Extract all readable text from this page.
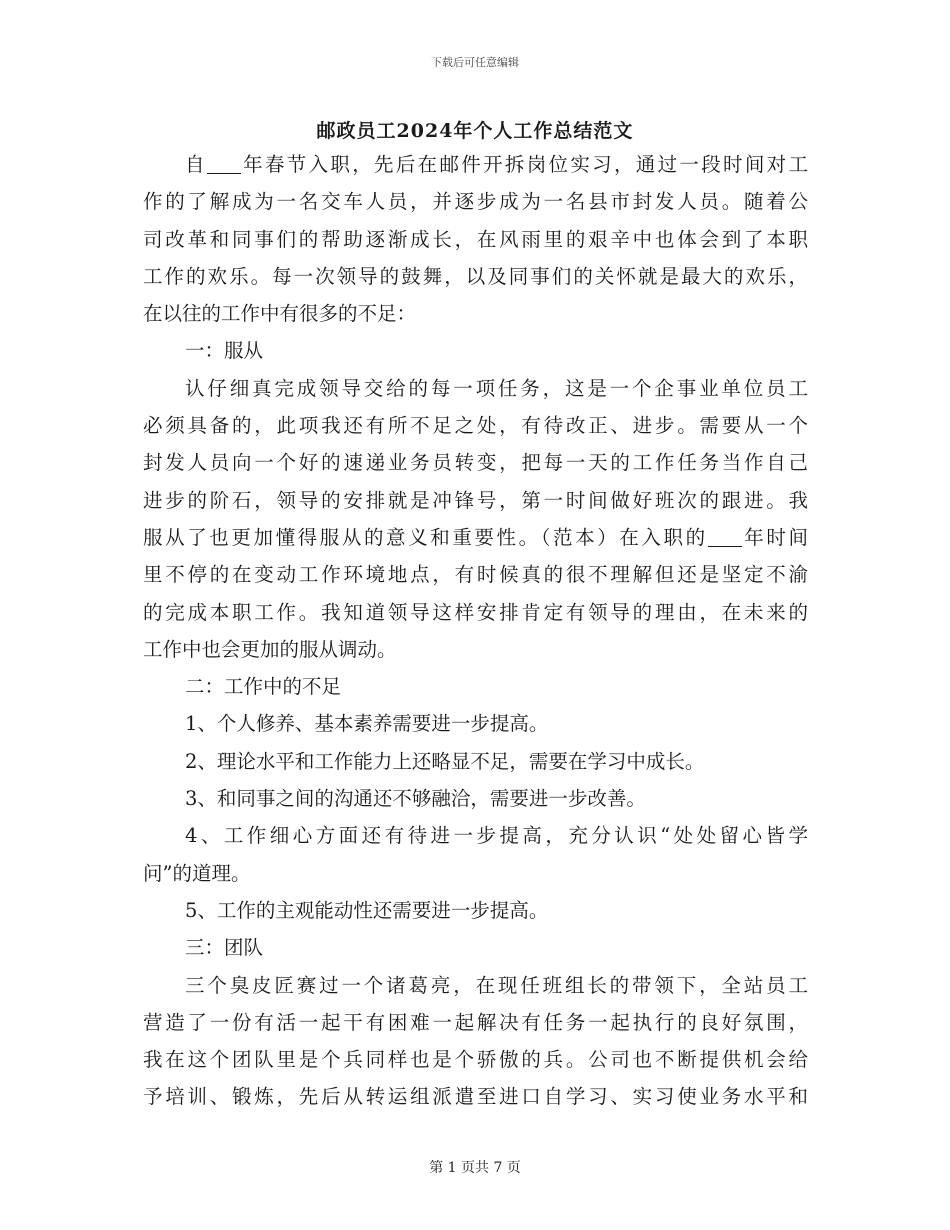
下载后可任意编辑
邮政员工2024年个人工作总结范文
自 年春节入职，先后在邮件开拆岗位实习，通过一段时间对工
作的了解成为一名交车人员，并逐步成为一名县市封发人员。随着公
司改革和同事们的帮助逐渐成长，在风雨里的艰辛中也体会到了本职
工作的欢乐。每一次领导的鼓舞，以及同事们的关怀就是最大的欢乐，
在以往的工作中有很多的不足：
一：服从
认仔细真完成领导交给的每一项任务，这是一个企事业单位员工
必须具备的，此项我还有所不足之处，有待改正、进步。需要从一个
封发人员向一个好的速递业务员转变，把每一天的工作任务当作自己
进步的阶石，领导的安排就是冲锋号，第一时间做好班次的跟进。我
服从了也更加懂得服从的意义和重要性。（范本）在入职的 年时间
里不停的在变动工作环境地点，有时候真的很不理解但还是坚定不渝
的完成本职工作。我知道领导这样安排肯定有领导的理由，在未来的
工作中也会更加的服从调动。
二：工作中的不足
1、个人修养、基本素养需要进一步提高。
2、理论水平和工作能力上还略显不足，需要在学习中成长。
3、和同事之间的沟通还不够融洽，需要进一步改善。
4、工作细心方面还有待进一步提高，充分认识“处处留心皆学
问”的道理。
5、工作的主观能动性还需要进一步提高。
三：团队
三个臭皮匠赛过一个诸葛亮，在现任班组长的带领下，全站员工
营造了一份有活一起干有困难一起解决有任务一起执行的良好氛围，
我在这个团队里是个兵同样也是个骄傲的兵。公司也不断提供机会给
予培训、锻炼，先后从转运组派遣至进口自学习、实习使业务水平和
第 1 页共 7 页
